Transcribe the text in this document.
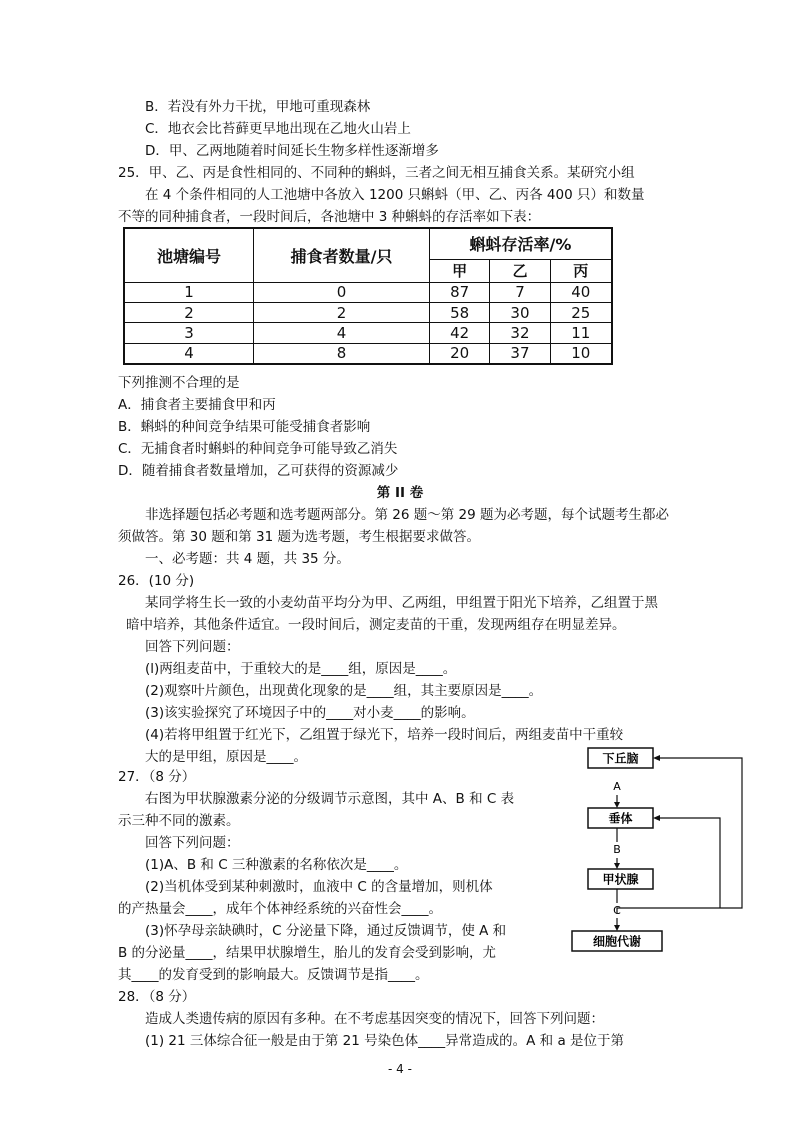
B．若没有外力干扰，甲地可重现森林
C．地衣会比苔藓更早地出现在乙地火山岩上
D．甲、乙两地随着时间延长生物多样性逐渐增多
25．甲、乙、丙是食性相同的、不同种的蝌蚪，三者之间无相互捕食关系。某研究小组
在 4 个条件相同的人工池塘中各放入 1200 只蝌蚪（甲、乙、丙各 400 只）和数量
不等的同种捕食者，一段时间后，各池塘中 3 种蝌蚪的存活率如下表：
池塘编号	捕食者数量/只	蝌蚪存活率/%		
		甲	乙	丙
1	0	87	7	40
2	2	58	30	25
3	4	42	32	11
4	8	20	37	10
下列推测不合理的是
A．捕食者主要捕食甲和丙
B．蝌蚪的种间竞争结果可能受捕食者影响
C．无捕食者时蝌蚪的种间竞争可能导致乙消失
D．随着捕食者数量增加，乙可获得的资源减少
第 II 卷
非选择题包括必考题和选考题两部分。第 26 题～第 29 题为必考题，每个试题考生都必
须做答。第 30 题和第 31 题为选考题，考生根据要求做答。
一、必考题：共 4 题，共 35 分。
26．(10 分)
某同学将生长一致的小麦幼苗平均分为甲、乙两组，甲组置于阳光下培养，乙组置于黑
暗中培养，其他条件适宜。一段时间后，测定麦苗的干重，发现两组存在明显差异。
回答下列问题：
(l)两组麦苗中，于重较大的是____组，原因是____。
(2)观察叶片颜色，出现黄化现象的是____组，其主要原因是____。
(3)该实验探究了环境因子中的____对小麦____的影响。
(4)若将甲组置于红光下，乙组置于绿光下，培养一段时间后，两组麦苗中干重较
大的是甲组，原因是____。
27．（8 分）
右图为甲状腺激素分泌的分级调节示意图，其中 A、B 和 C 表
示三种不同的激素。
回答下列问题：
(1)A、B 和 C 三种激素的名称依次是____。
(2)当机体受到某种刺激时，血液中 C 的含量增加，则机体
的产热量会____，成年个体神经系统的兴奋性会____。
(3)怀孕母亲缺碘时，C 分泌量下降，通过反馈调节，使 A 和
B 的分泌量____，结果甲状腺增生，胎儿的发育会受到影响，尤
其____的发育受到的影响最大。反馈调节是指____。
下丘脑
A
垂体
B
甲状腺
C
细胞代谢
28．（8 分）
造成人类遗传病的原因有多种。在不考虑基因突变的情况下，回答下列问题：
(1) 21 三体综合征一般是由于第 21 号染色体____异常造成的。A 和 a 是位于第
- 4 -
